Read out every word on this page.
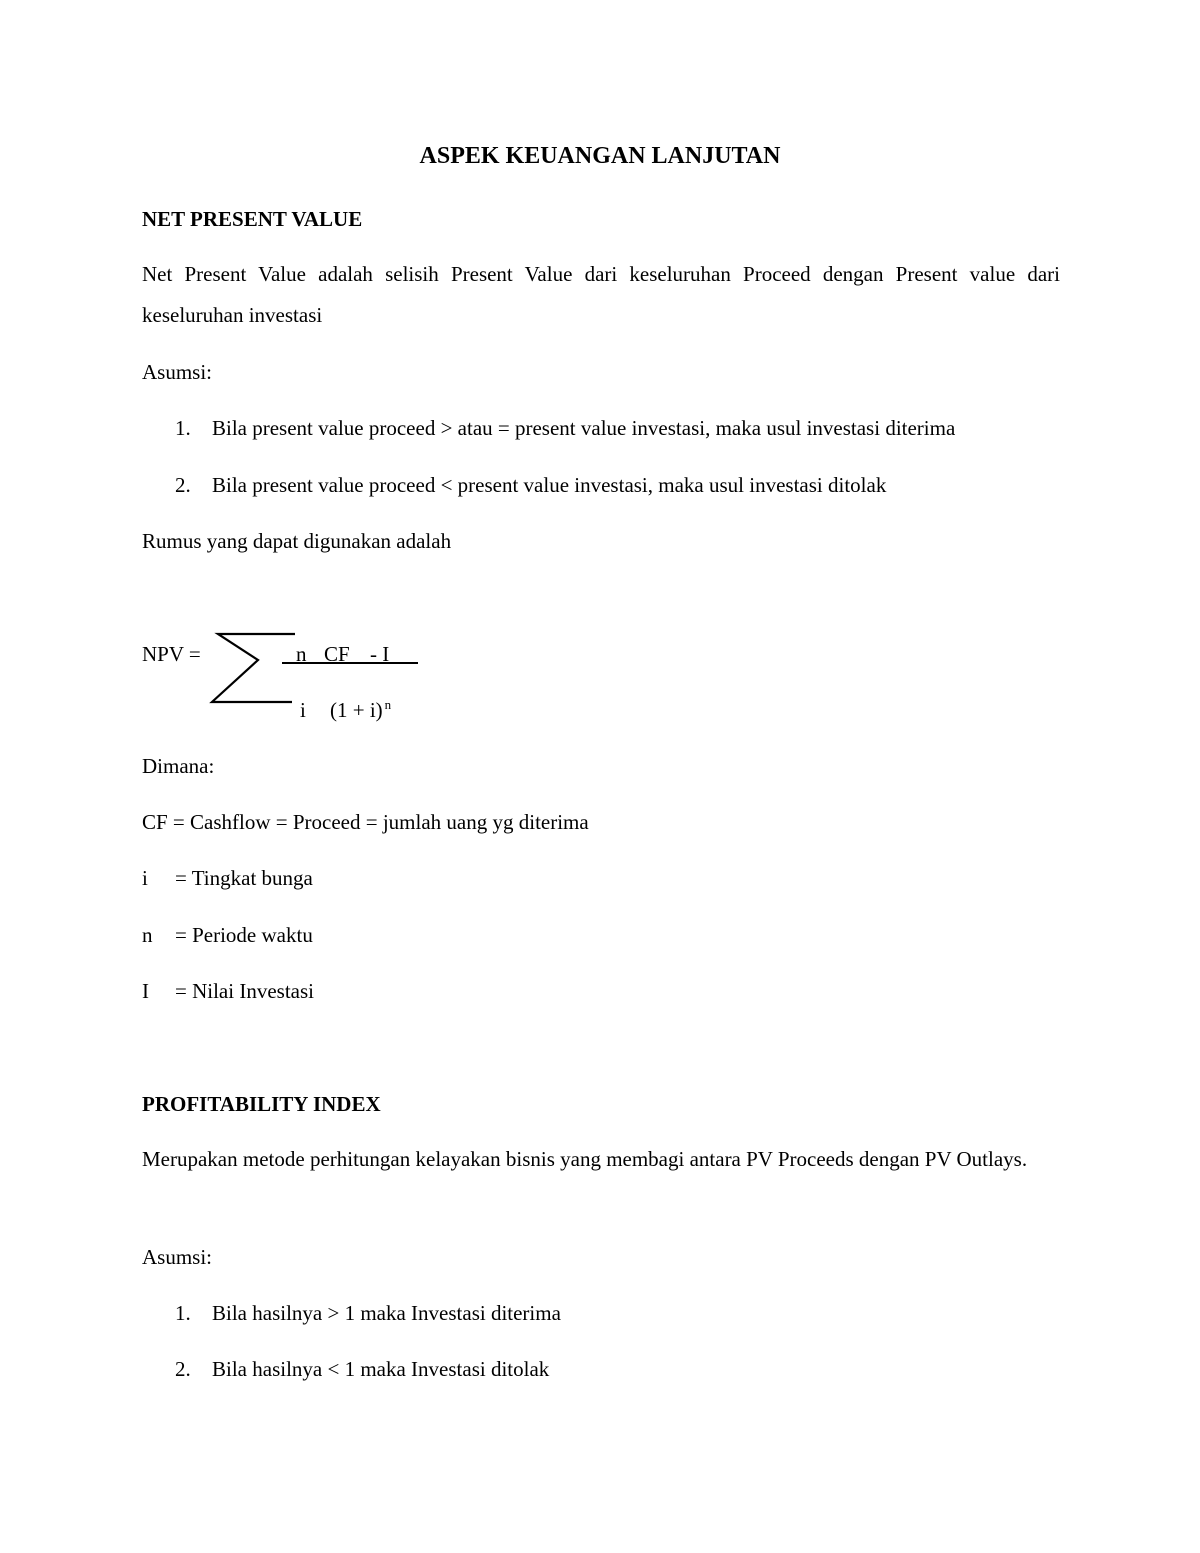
ASPEK KEUANGAN LANJUTAN
NET PRESENT VALUE

Net Present Value adalah selisih Present Value dari keseluruhan Proceed dengan Present value dari keseluruhan investasi

Asumsi:

1. Bila present value proceed > atau = present value investasi, maka usul investasi diterima
2. Bila present value proceed < present value investasi, maka usul investasi ditolak

Rumus yang dapat digunakan adalah

NPV =	n CF - I
i (1 + i) $^n$

Dimana:

CF = Cashflow = Proceed = jumlah uang yg diterima

i = Tingkat bunga
n = Periode waktu
I = Nilai Investasi
PROFITABILITY INDEX

Merupakan metode perhitungan kelayakan bisnis yang membagi antara PV Proceeds dengan PV Outlays.

Asumsi:

1. Bila hasilnya > 1 maka Investasi diterima
2. Bila hasilnya < 1 maka Investasi ditolak
